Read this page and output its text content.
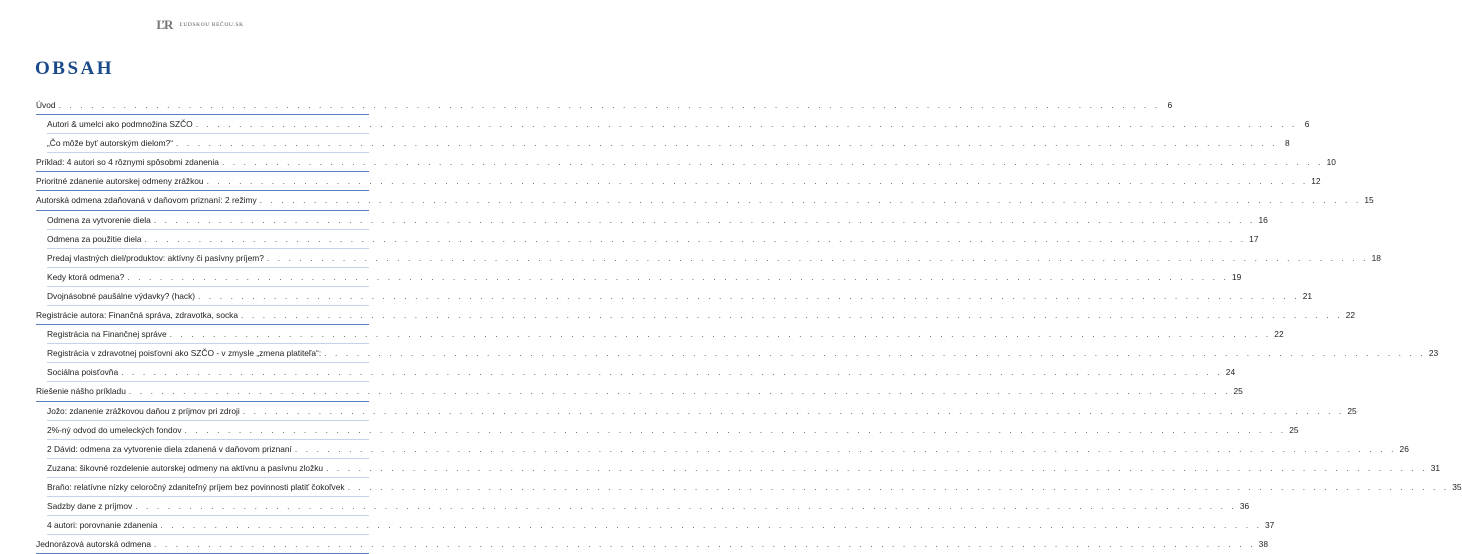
ĽR ĽUDSKOU REČOU.SK
OBSAH
Úvod . . .	6
Autori & umelci ako podmnožina SZČO . . .	6
„Čo môže byť autorským dielom?“ . . .	8
Príklad: 4 autori so 4 rôznymi spôsobmi zdanenia . . .	10
Prioritné zdanenie autorskej odmeny zrážkou . . .	12
Autorská odmena zdaňovaná v daňovom priznaní: 2 režimy . . .	15
Odmena za vytvorenie diela . . .	16
Odmena za použitie diela . . .	17
Predaj vlastných diel/produktov: aktívny či pasívny príjem? . . .	18
Kedy ktorá odmena? . . .	19
Dvojnásobné paušálne výdavky? (hack) . . .	21
Registrácie autora: Finančná správa, zdravotka, socka . . .	22
Registrácia na Finančnej správe . . .	22
Registrácia v zdravotnej poisťovni ako SZČO - v zmysle „zmena platiteľa“: . . .	23
Sociálna poisťovňa . . .	24
Riešenie nášho príkladu . . .	25
Jožo: zdanenie zrážkovou daňou z príjmov pri zdroji . . .	25
2%-ný odvod do umeleckých fondov . . .	25
2 Dávid: odmena za vytvorenie diela zdanená v daňovom priznaní . . .	26
Zuzana: šikovné rozdelenie autorskej odmeny na aktívnu a pasívnu zložku . . .	31
Braňo: relatívne nízky celoročný zdaniteľný príjem bez povinnosti platiť čokoľvek . . .	35
Sadzby dane z príjmov . . .	36
4 autori: porovnanie zdanenia . . .	37
Jednorázová autorská odmena . . .	38
